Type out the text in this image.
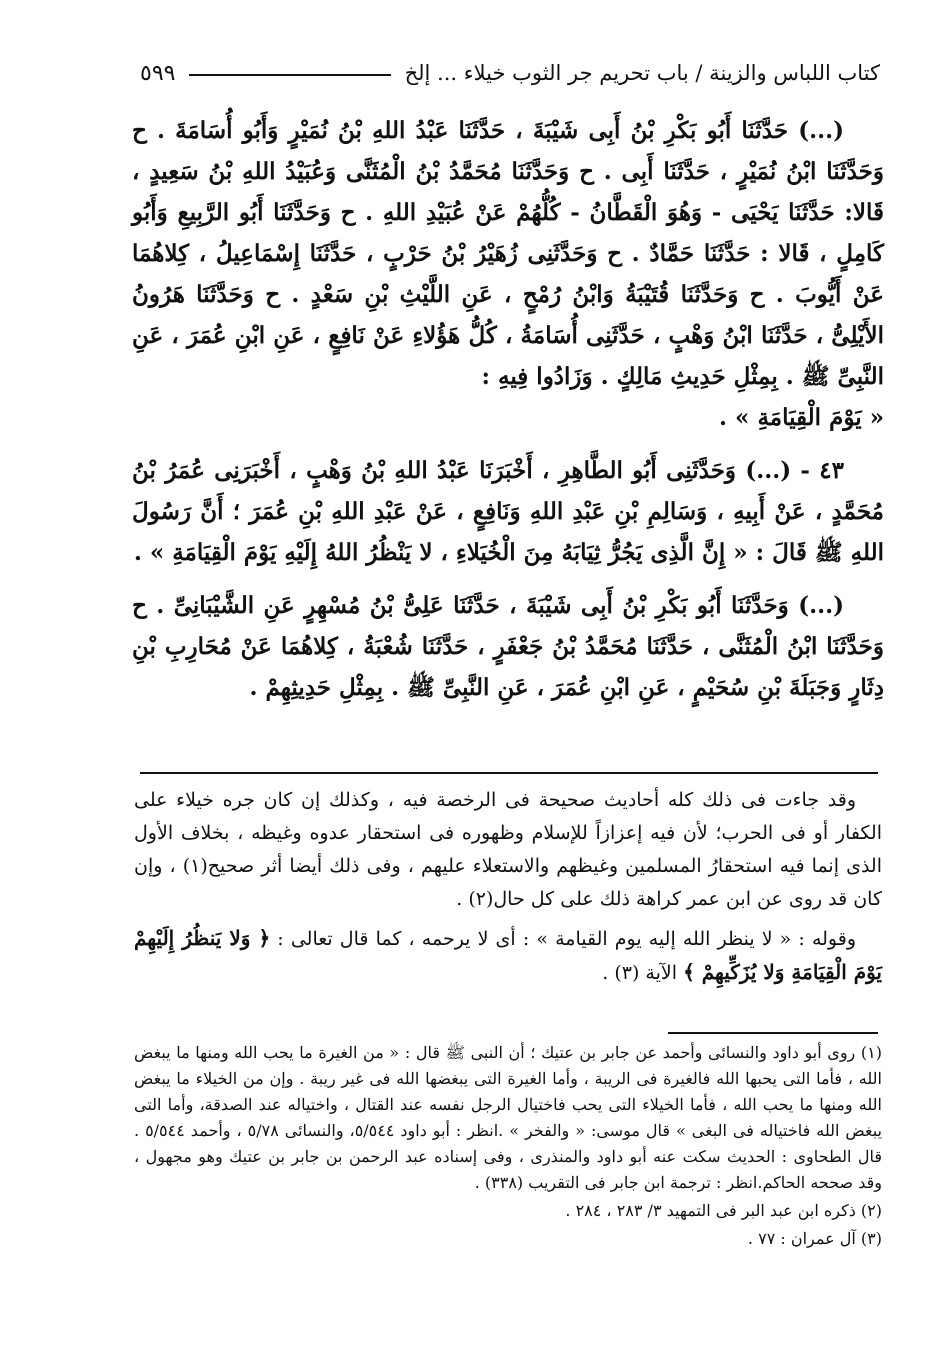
كتاب اللباس والزينة / باب تحريم جر الثوب خيلاء ... إلخ
٥٩٩

(...) حَدَّثَنَا أَبُو بَكْرِ بْنُ أَبِى شَيْبَةَ ، حَدَّثَنَا عَبْدُ اللهِ بْنُ نُمَيْرٍ وَأَبُو أُسَامَةَ . ح وَحَدَّثَنَا ابْنُ نُمَيْرٍ ، حَدَّثَنَا أَبِى . ح وَحَدَّثَنَا مُحَمَّدُ بْنُ الْمُثَنَّى وَعُبَيْدُ اللهِ بْنُ سَعِيدٍ ، قَالا: حَدَّثَنَا يَحْيَى - وَهُوَ الْقَطَّانُ - كُلُّهُمْ عَنْ عُبَيْدِ اللهِ . ح وَحَدَّثَنَا أَبُو الرَّبِيعِ وَأَبُو كَامِلٍ ، قَالا : حَدَّثَنَا حَمَّادٌ . ح وَحَدَّثَنِى زُهَيْرُ بْنُ حَرْبٍ ، حَدَّثَنَا إِسْمَاعِيلُ ، كِلاهُمَا عَنْ أَيُّوبَ . ح وَحَدَّثَنَا قُتَيْبَةُ وَابْنُ رُمْحٍ ، عَنِ اللَّيْثِ بْنِ سَعْدٍ . ح وَحَدَّثَنَا هَرُونُ الأَيْلِىُّ ، حَدَّثَنَا ابْنُ وَهْبٍ ، حَدَّثَنِى أُسَامَةُ ، كُلُّ هَؤُلاءِ عَنْ نَافِعٍ ، عَنِ ابْنِ عُمَرَ ، عَنِ النَّبِىِّ ﷺ . بِمِثْلِ حَدِيثِ مَالِكٍ . وَزَادُوا فِيهِ :

« يَوْمَ الْقِيَامَةِ » .

٤٣ - (...) وَحَدَّثَنِى أَبُو الطَّاهِرِ ، أَخْبَرَنَا عَبْدُ اللهِ بْنُ وَهْبٍ ، أَخْبَرَنِى عُمَرُ بْنُ مُحَمَّدٍ ، عَنْ أَبِيهِ ، وَسَالِمِ بْنِ عَبْدِ اللهِ وَنَافِعٍ ، عَنْ عَبْدِ اللهِ بْنِ عُمَرَ ؛ أَنَّ رَسُولَ اللهِ ﷺ قَالَ : « إِنَّ الَّذِى يَجُرُّ ثِيَابَهُ مِنَ الْخُيَلاءِ ، لا يَنْظُرُ اللهُ إِلَيْهِ يَوْمَ الْقِيَامَةِ » .

(...) وَحَدَّثَنَا أَبُو بَكْرِ بْنُ أَبِى شَيْبَةَ ، حَدَّثَنَا عَلِىُّ بْنُ مُسْهِرٍ عَنِ الشَّيْبَانِىِّ . ح وَحَدَّثَنَا ابْنُ الْمُثَنَّى ، حَدَّثَنَا مُحَمَّدُ بْنُ جَعْفَرٍ ، حَدَّثَنَا شُعْبَةُ ، كِلاهُمَا عَنْ مُحَارِبِ بْنِ دِثَارٍ وَجَبَلَةَ بْنِ سُحَيْمٍ ، عَنِ ابْنِ عُمَرَ ، عَنِ النَّبِىِّ ﷺ . بِمِثْلِ حَدِيثِهِمْ .

وقد جاءت فى ذلك كله أحاديث صحيحة فى الرخصة فيه ، وكذلك إن كان جره خيلاء على الكفار أو فى الحرب؛ لأن فيه إعزازاً للإسلام وظهوره فى استحقار عدوه وغيظه ، بخلاف الأول الذى إنما فيه استحقارُ المسلمين وغيظهم والاستعلاء عليهم ، وفى ذلك أيضا أثر صحيح(١) ، وإن كان قد روى عن ابن عمر كراهة ذلك على كل حال(٢) .

وقوله : « لا ينظر الله إليه يوم القيامة » : أى لا يرحمه ، كما قال تعالى : ﴿ وَلا يَنظُرُ إِلَيْهِمْ يَوْمَ الْقِيَامَةِ وَلا يُزَكِّيهِمْ ﴾ الآية (٣) .

(١) روى أبو داود والنسائى وأحمد عن جابر بن عتيك ؛ أن النبى ﷺ قال : « من الغيرة ما يحب الله ومنها ما يبغض الله ، فأما التى يحبها الله فالغيرة فى الريبة ، وأما الغيرة التى يبغضها الله فى غير ريبة . وإن من الخيلاء ما يبغض الله ومنها ما يحب الله ، فأما الخيلاء التى يحب فاختيال الرجل نفسه عند القتال ، واختياله عند الصدقة، وأما التى يبغض الله فاختياله فى البغى » قال موسى: « والفخر » .انظر : أبو داود ٥/٥٤٤، والنسائى ٥/٧٨ ، وأحمد ٥/٥٤٤ . قال الطحاوى : الحديث سكت عنه أبو داود والمنذرى ، وفى إسناده عبد الرحمن بن جابر بن عتيك وهو مجهول ، وقد صححه الحاكم.انظر : ترجمة ابن جابر فى التقريب (٣٣٨) .

(٢) ذكره ابن عبد البر فى التمهيد ٣/ ٢٨٣ ، ٢٨٤ .

(٣) آل عمران : ٧٧ .
